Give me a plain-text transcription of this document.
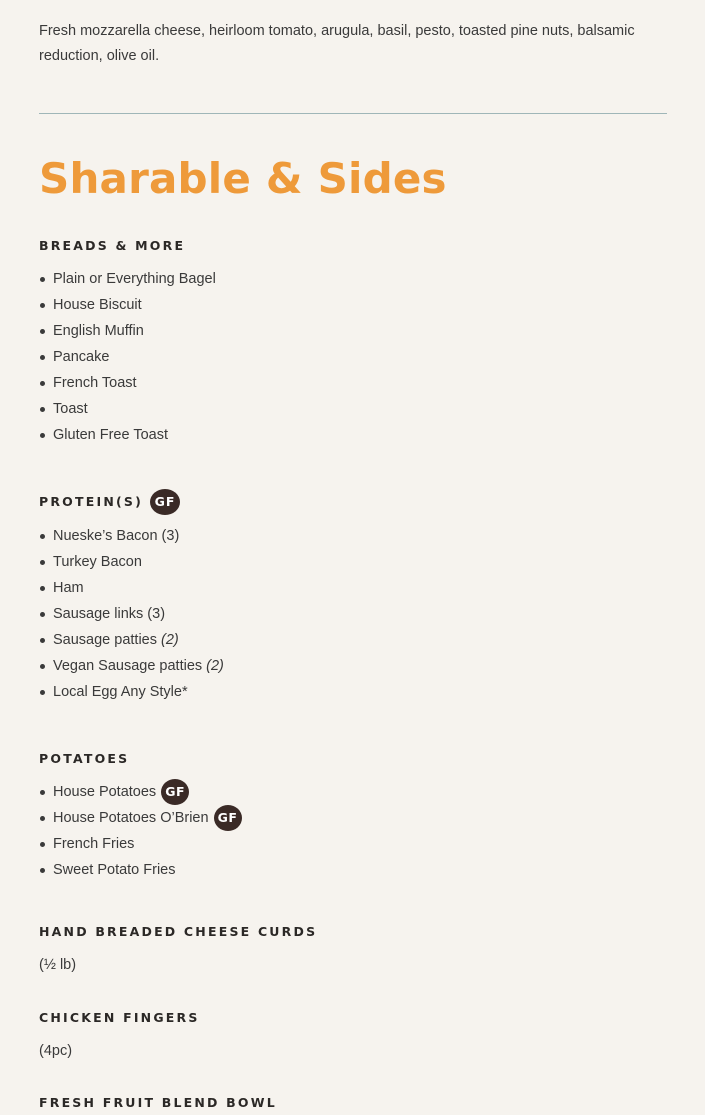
Fresh mozzarella cheese, heirloom tomato, arugula, basil, pesto, toasted pine nuts, balsamic reduction, olive oil.

Sharable & Sides
BREADS & MORE
Plain or Everything Bagel
House Biscuit
English Muffin
Pancake
French Toast
Toast
Gluten Free Toast
PROTEIN(S) GF
Nueske’s Bacon (3)
Turkey Bacon
Ham
Sausage links (3)
Sausage patties (2)
Vegan Sausage patties (2)
Local Egg Any Style*
POTATOES
House Potatoes GF
House Potatoes O’Brien GF
French Fries
Sweet Potato Fries
HAND BREADED CHEESE CURDS

(½ lb)

CHICKEN FINGERS

(4pc)

FRESH FRUIT BLEND BOWL
